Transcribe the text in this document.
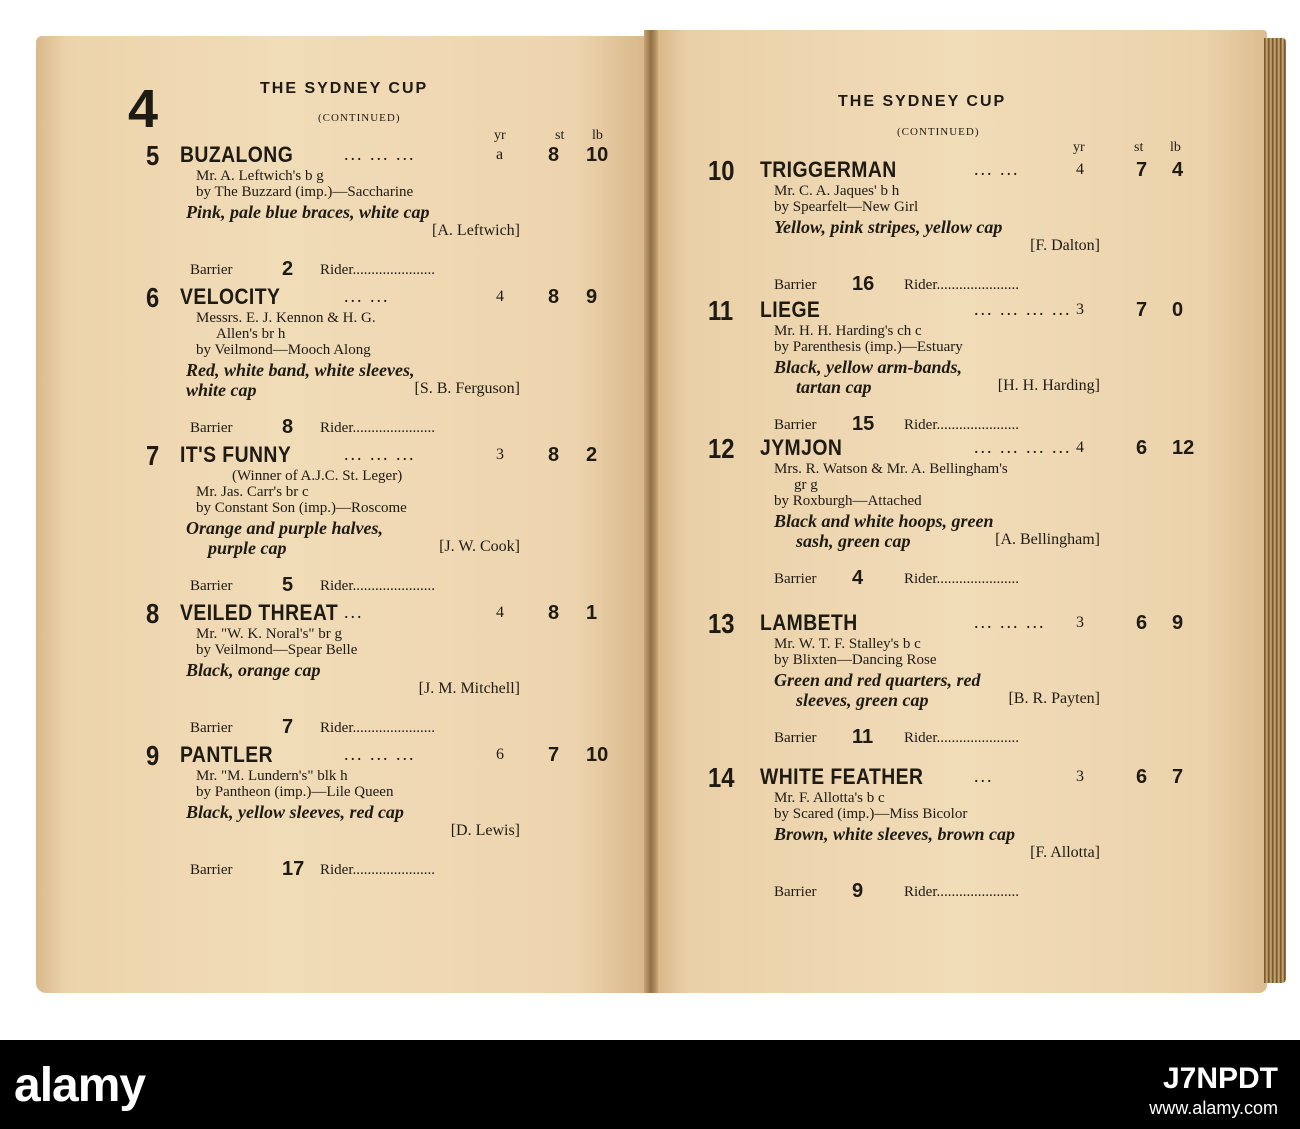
4	THE SYDNEY CUP
(CONTINUED)
yr	st lb
THE SYDNEY CUP
(CONTINUED)
yr	st lb
5 BUZALONG	... ... ...	a 8 10
Mr. A. Leftwich's b g
by The Buzzard (imp.)—Saccharine
Pink, pale blue braces, white cap
[A. Leftwich]
Barrier 2 Rider......................
6 VELOCITY	... ...	4 8 9
Messrs. E. J. Kennon & H. G.
Allen's br h
by Veilmond—Mooch Along
Red, white band, white sleeves,
white cap	[S. B. Ferguson]
Barrier 8 Rider......................
7 IT'S FUNNY	... ... ...	3 8 2
(Winner of A.J.C. St. Leger)
Mr. Jas. Carr's br c
by Constant Son (imp.)—Roscome
Orange and purple halves,
purple cap	[J. W. Cook]
Barrier 5 Rider......................
8 VEILED THREAT ...	4 8 1
Mr. "W. K. Noral's" br g
by Veilmond—Spear Belle
Black, orange cap
[J. M. Mitchell]
Barrier 7 Rider......................
9 PANTLER	... ... ...	6 7 10
Mr. "M. Lundern's" blk h
by Pantheon (imp.)—Lile Queen
Black, yellow sleeves, red cap
[D. Lewis]
Barrier 17 Rider......................
10 TRIGGERMAN	... ...	4	7 4
Mr. C. A. Jaques' b h
by Spearfelt—New Girl
Yellow, pink stripes, yellow cap
[F. Dalton]
Barrier 16 Rider......................
11 LIEGE	... ... ... ... 3	7 0
Mr. H. H. Harding's ch c
by Parenthesis (imp.)—Estuary
Black, yellow arm-bands,
tartan cap	[H. H. Harding]
Barrier 15 Rider......................
12 JYMJON	... ... ... ... 4	6 12
Mrs. R. Watson & Mr. A. Bellingham's
gr g
by Roxburgh—Attached
Black and white hoops, green
sash, green cap	[A. Bellingham]
Barrier 4	Rider......................
13 LAMBETH	... ... ... 3	6 9
Mr. W. T. F. Stalley's b c
by Blixten—Dancing Rose
Green and red quarters, red
sleeves, green cap	[B. R. Payten]
Barrier 11 Rider......................
14 WHITE FEATHER	...	3	6 7
Mr. F. Allotta's b c
by Scared (imp.)—Miss Bicolor
Brown, white sleeves, brown cap
[F. Allotta]
Barrier 9	Rider......................
alamy	J7NPDT
www.alamy.com
